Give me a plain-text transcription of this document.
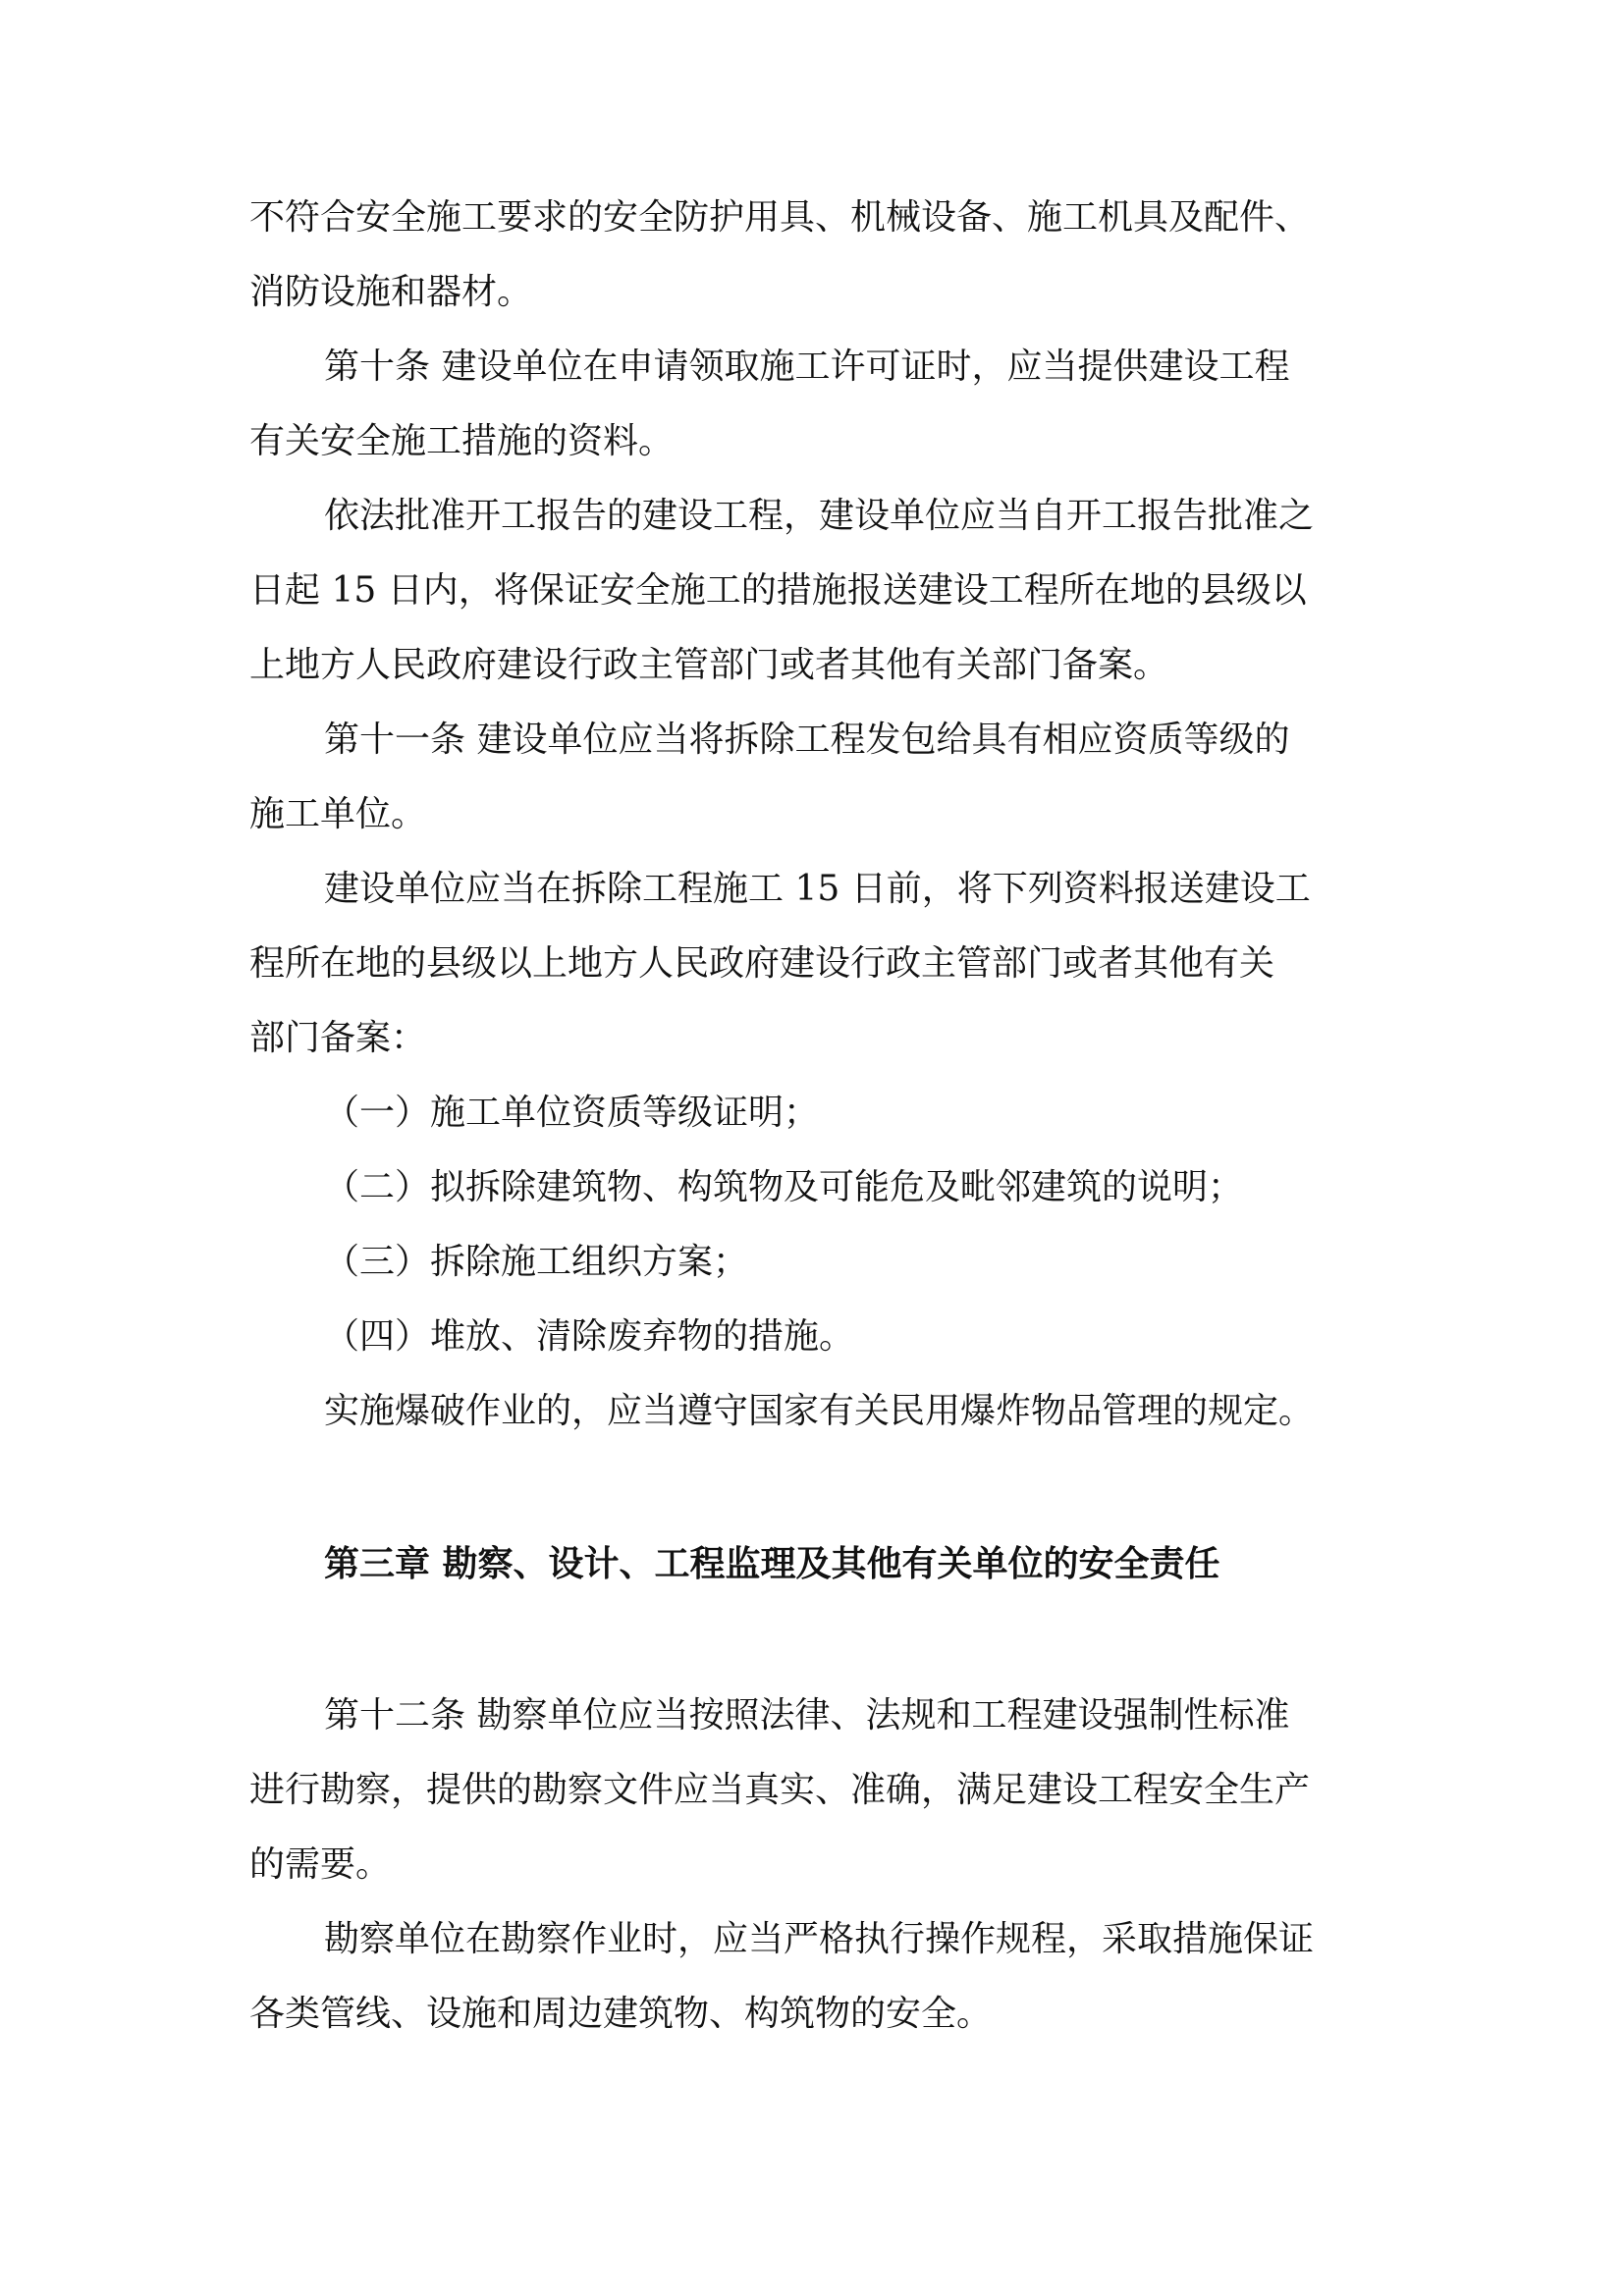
不符合安全施工要求的安全防护用具、机械设备、施工机具及配件、
消防设施和器材。
第十条 建设单位在申请领取施工许可证时，应当提供建设工程
有关安全施工措施的资料。
依法批准开工报告的建设工程，建设单位应当自开工报告批准之
日起 15 日内，将保证安全施工的措施报送建设工程所在地的县级以
上地方人民政府建设行政主管部门或者其他有关部门备案。
第十一条 建设单位应当将拆除工程发包给具有相应资质等级的
施工单位。
建设单位应当在拆除工程施工 15 日前，将下列资料报送建设工
程所在地的县级以上地方人民政府建设行政主管部门或者其他有关
部门备案：
（一）施工单位资质等级证明；
（二）拟拆除建筑物、构筑物及可能危及毗邻建筑的说明；
（三）拆除施工组织方案；
（四）堆放、清除废弃物的措施。
实施爆破作业的，应当遵守国家有关民用爆炸物品管理的规定。
第三章 勘察、设计、工程监理及其他有关单位的安全责任
第十二条 勘察单位应当按照法律、法规和工程建设强制性标准
进行勘察，提供的勘察文件应当真实、准确，满足建设工程安全生产
的需要。
勘察单位在勘察作业时，应当严格执行操作规程，采取措施保证
各类管线、设施和周边建筑物、构筑物的安全。
